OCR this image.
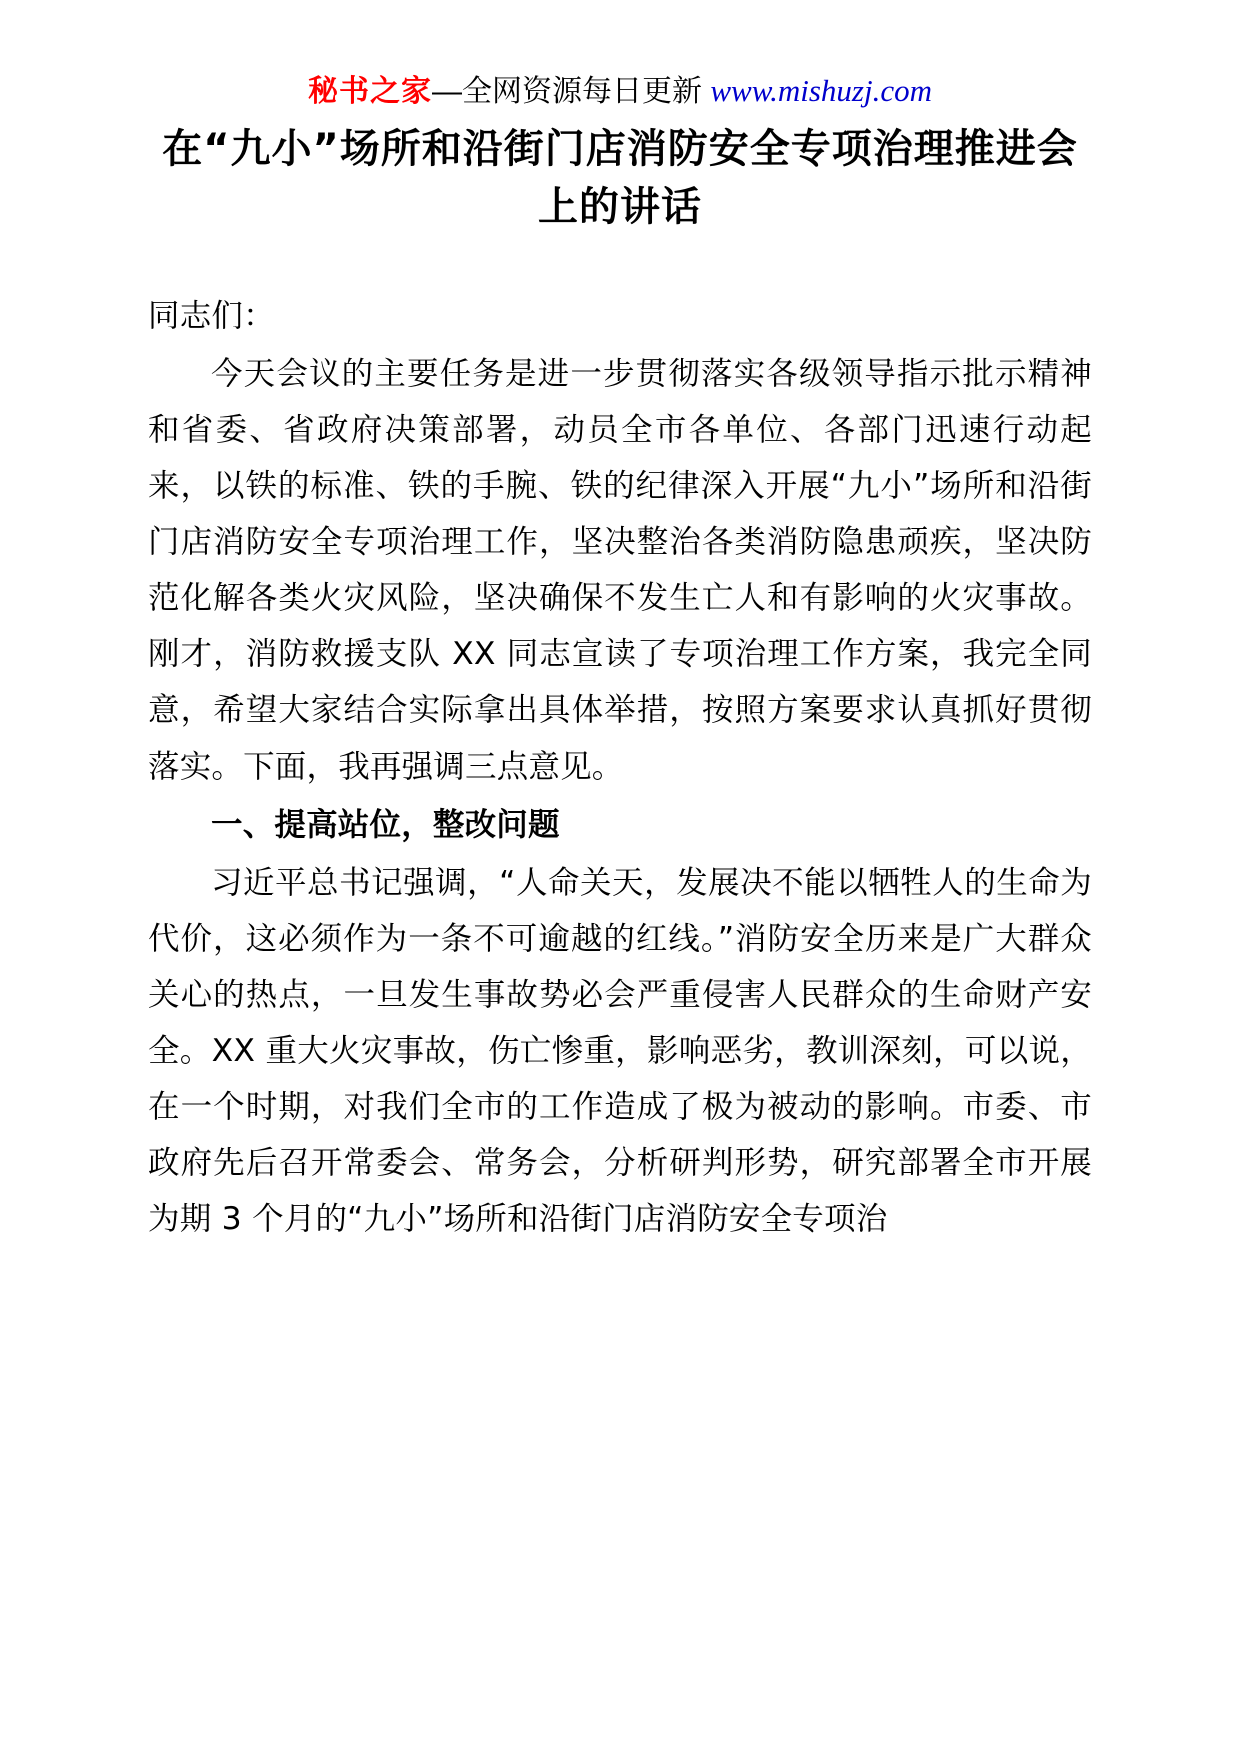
秘书之家—全网资源每日更新 www.mishuzj.com
在“九小”场所和沿街门店消防安全专项治理推进会上的讲话

同志们：

今天会议的主要任务是进一步贯彻落实各级领导指示批示精神和省委、省政府决策部署，动员全市各单位、各部门迅速行动起来，以铁的标准、铁的手腕、铁的纪律深入开展“九小”场所和沿街门店消防安全专项治理工作，坚决整治各类消防隐患顽疾，坚决防范化解各类火灾风险，坚决确保不发生亡人和有影响的火灾事故。刚才，消防救援支队 XX 同志宣读了专项治理工作方案，我完全同意，希望大家结合实际拿出具体举措，按照方案要求认真抓好贯彻落实。下面，我再强调三点意见。

一、提高站位，整改问题

习近平总书记强调，“人命关天，发展决不能以牺牲人的生命为代价，这必须作为一条不可逾越的红线。”消防安全历来是广大群众关心的热点，一旦发生事故势必会严重侵害人民群众的生命财产安全。XX 重大火灾事故，伤亡惨重，影响恶劣，教训深刻，可以说，在一个时期，对我们全市的工作造成了极为被动的影响。市委、市政府先后召开常委会、常务会，分析研判形势，研究部署全市开展为期 3 个月的“九小”场所和沿街门店消防安全专项治
